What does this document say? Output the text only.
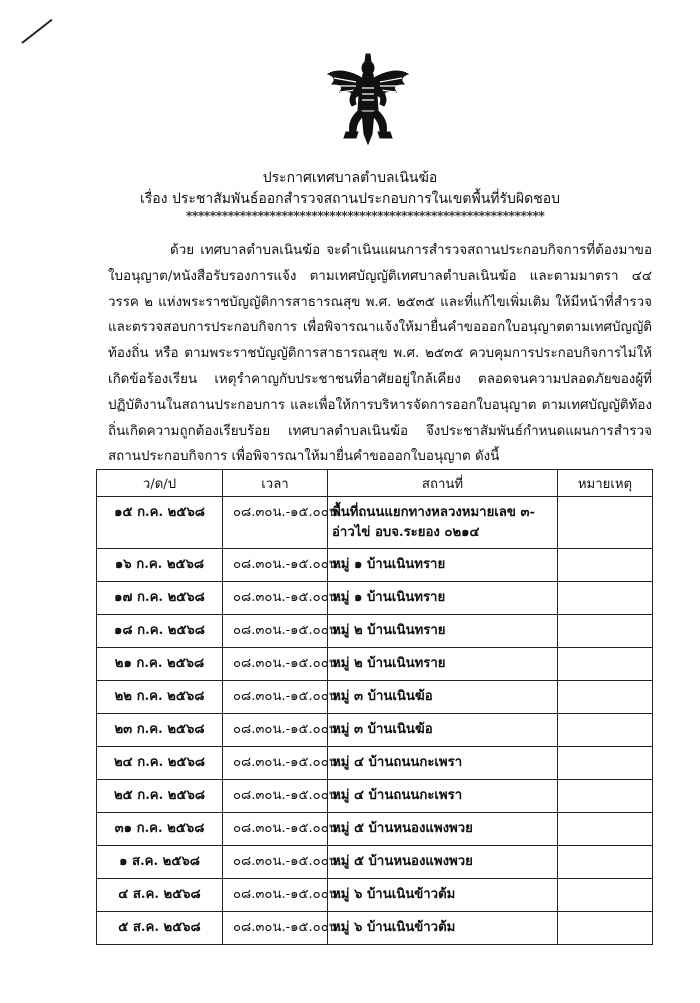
ประกาศเทศบาลตำบลเนินฆ้อ
เรื่อง ประชาสัมพันธ์ออกสำรวจสถานประกอบการในเขตพื้นที่รับผิดชอบ
************************************************************
ด้วย เทศบาลตำบลเนินฆ้อ จะดำเนินแผนการสำรวจสถานประกอบกิจการที่ต้องมาขอใบอนุญาต/หนังสือรับรองการแจ้ง ตามเทศบัญญัติเทศบาลตำบลเนินฆ้อ และตามมาตรา ๔๔ วรรค ๒ แห่งพระราชบัญญัติการสาธารณสุข พ.ศ. ๒๕๓๕ และที่แก้ไขเพิ่มเติม ให้มีหน้าที่สำรวจและตรวจสอบการประกอบกิจการ เพื่อพิจารณาแจ้งให้มายื่นคำขอออกใบอนุญาตตามเทศบัญญัติท้องถิ่น หรือ ตามพระราชบัญญัติการสาธารณสุข พ.ศ. ๒๕๓๕ ควบคุมการประกอบกิจการไม่ให้เกิดข้อร้องเรียน เหตุรำคาญกับประชาชนที่อาศัยอยู่ใกล้เคียง ตลอดจนความปลอดภัยของผู้ที่ปฏิบัติงานในสถานประกอบการ และเพื่อให้การบริหารจัดการออกใบอนุญาต ตามเทศบัญญัติท้องถิ่นเกิดความถูกต้องเรียบร้อย เทศบาลตำบลเนินฆ้อ จึงประชาสัมพันธ์กำหนดแผนการสำรวจสถานประกอบกิจการ เพื่อพิจารณาให้มายื่นคำขอออกใบอนุญาต ดังนี้
ว/ด/ป	เวลา	สถานที่	หมายเหตุ
๑๕ ก.ค. ๒๕๖๘	๐๘.๓๐น.-๑๕.๐๐น.	พื้นที่ถนนแยกทางหลวงหมายเลข ๓-อ่าวไข่ อบจ.ระยอง ๐๒๑๔	
๑๖ ก.ค. ๒๕๖๘	๐๘.๓๐น.-๑๕.๐๐น.	หมู่ ๑ บ้านเนินทราย	
๑๗ ก.ค. ๒๕๖๘	๐๘.๓๐น.-๑๕.๐๐น.	หมู่ ๑ บ้านเนินทราย	
๑๘ ก.ค. ๒๕๖๘	๐๘.๓๐น.-๑๕.๐๐น.	หมู่ ๒ บ้านเนินทราย	
๒๑ ก.ค. ๒๕๖๘	๐๘.๓๐น.-๑๕.๐๐น.	หมู่ ๒ บ้านเนินทราย	
๒๒ ก.ค. ๒๕๖๘	๐๘.๓๐น.-๑๕.๐๐น.	หมู่ ๓ บ้านเนินฆ้อ	
๒๓ ก.ค. ๒๕๖๘	๐๘.๓๐น.-๑๕.๐๐น.	หมู่ ๓ บ้านเนินฆ้อ	
๒๔ ก.ค. ๒๕๖๘	๐๘.๓๐น.-๑๕.๐๐น.	หมู่ ๔ บ้านถนนกะเพรา	
๒๕ ก.ค. ๒๕๖๘	๐๘.๓๐น.-๑๕.๐๐น.	หมู่ ๔ บ้านถนนกะเพรา	
๓๑ ก.ค. ๒๕๖๘	๐๘.๓๐น.-๑๕.๐๐น.	หมู่ ๕ บ้านหนองแพงพวย	
๑ ส.ค. ๒๕๖๘	๐๘.๓๐น.-๑๕.๐๐น.	หมู่ ๕ บ้านหนองแพงพวย	
๔ ส.ค. ๒๕๖๘	๐๘.๓๐น.-๑๕.๐๐น.	หมู่ ๖ บ้านเนินข้าวต้ม	
๕ ส.ค. ๒๕๖๘	๐๘.๓๐น.-๑๕.๐๐น.	หมู่ ๖ บ้านเนินข้าวต้ม	
